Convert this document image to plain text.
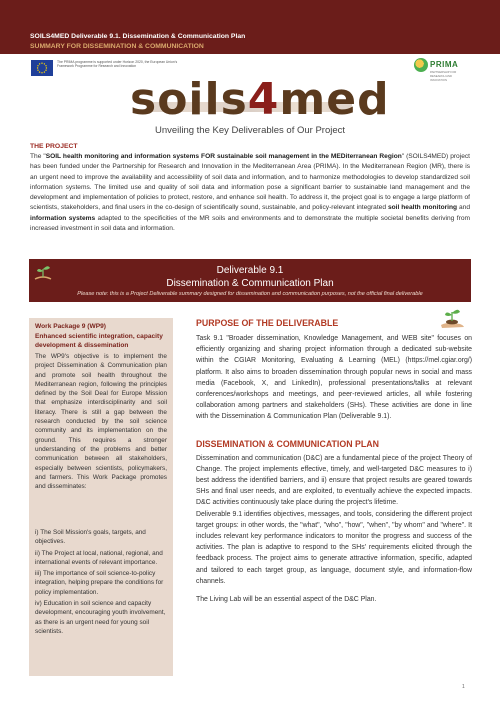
SOILS4MED Deliverable 9.1. Dissemination & Communication Plan
SUMMARY FOR DISSEMINATION & COMMUNICATION
The PRIMA programme is supported under Horizon 2020, the European Union's Framework Programme for Research and Innovation	PRIMA
PARTNERSHIP FOR RESEARCH AND INNOVATION
soils4med
Unveiling the Key Deliverables of Our Project
THE PROJECT
The "SOIL health monitoring and information systems FOR sustainable soil management in the MEDiterranean Region" (SOILS4MED) project has been funded under the Partnership for Research and Innovation in the Mediterranean Area (PRIMA). In the Mediterranean Region (MR), there is an urgent need to improve the availability and accessibility of soil data and information, and to harmonize methodologies to develop standardized soil information systems. The limited use and quality of soil data and information pose a significant barrier to sustainable land management and the development and implementation of policies to protect, restore, and enhance soil health. To address it, the project goal is to engage a large platform of scientists, stakeholders, and final users in the co-design of scientifically sound, sustainable, and policy-relevant integrated soil health monitoring and information systems adapted to the specificities of the MR soils and environments and to demonstrate the multiple societal benefits deriving from increased investment in soil data and information.
Deliverable 9.1
Dissemination & Communication Plan
Please note: this is a Project Deliverable summary designed for dissemination and communication purposes, not the official final deliverable
Work Package 9 (WP9)
Enhanced scientific integration, capacity development & dissemination
The WP9's objective is to implement the project Dissemination & Communication plan and promote soil health throughout the Mediterranean region, following the principles defined by the Soil Deal for Europe Mission that emphasize interdisciplinarity and soil literacy. There is still a gap between the research conducted by the soil science community and its implementation on the ground. This requires a stronger understanding of the problems and better communication between all stakeholders, especially between scientists, policymakers, and farmers. This Work Package promotes and disseminates:
i) The Soil Mission's goals, targets, and objectives.
ii) The Project at local, national, regional, and international events of relevant importance.
iii) The importance of soil science-to-policy integration, helping prepare the conditions for policy implementation.
iv) Education in soil science and capacity development, encouraging youth involvement, as there is an urgent need for young soil scientists.
PURPOSE OF THE DELIVERABLE
Task 9.1 "Broader dissemination, Knowledge Management, and WEB site" focuses on efficiently organizing and sharing project information through a dedicated sub-website within the CGIAR Monitoring, Evaluating & Learning (MEL) (https://mel.cgiar.org/) platform. It also aims to broaden dissemination through popular news in social and mass media (Facebook, X, and LinkedIn), professional presentations/talks at relevant conferences/workshops and meetings, and peer-reviewed articles, all while fostering collaboration among partners and stakeholders (SHs). These activities are done in line with the Dissemination & Communication Plan (Deliverable 9.1).
DISSEMINATION & COMMUNICATION PLAN
Dissemination and communication (D&C) are a fundamental piece of the project Theory of Change. The project implements effective, timely, and well-targeted D&C measures to i) best address the identified barriers, and ii) ensure that project results are geared towards SHs and final user needs, and are exploited, to eventually achieve the expected impacts. D&C activities continuously take place during the project's lifetime.
Deliverable 9.1 identifies objectives, messages, and tools, considering the different project target groups: in other words, the "what", "who", "how", "when", "by whom" and "where". It includes relevant key performance indicators to monitor the progress and success of the activities. The plan is adaptive to respond to the SHs' requirements elicited through the feedback process. The project aims to generate attractive information, specific, adapted and tailored to each target group, as language, document style, and information-flow channels.
The Living Lab will be an essential aspect of the D&C Plan.
1
